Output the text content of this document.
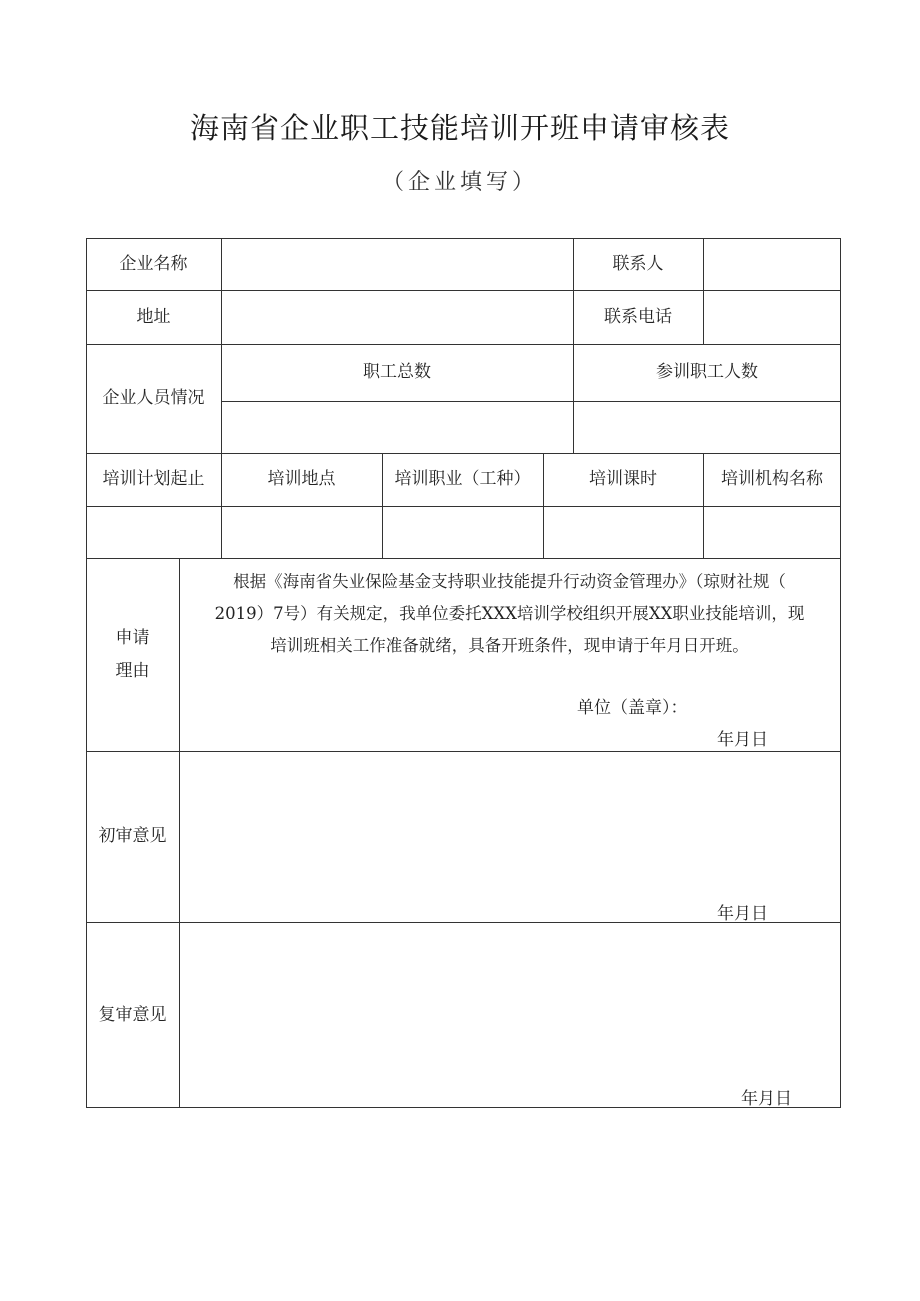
海南省企业职工技能培训开班申请审核表
（企业填写）
企业名称	联系人
地址	联系电话
企业人员情况
职工总数	参训职工人数
培训计划起止	培训地点	培训职业（工种）	培训课时	培训机构名称
申请
理由
根据《海南省失业保险基金支持职业技能提升行动资金管理办》（琼财社规（
2019）7号）有关规定，我单位委托XXX培训学校组织开展XX职业技能培训，现
培训班相关工作准备就绪，具备开班条件，现申请于年月日开班。
单位（盖章）：
年月日
初审意见
年月日
复审意见
年月日
